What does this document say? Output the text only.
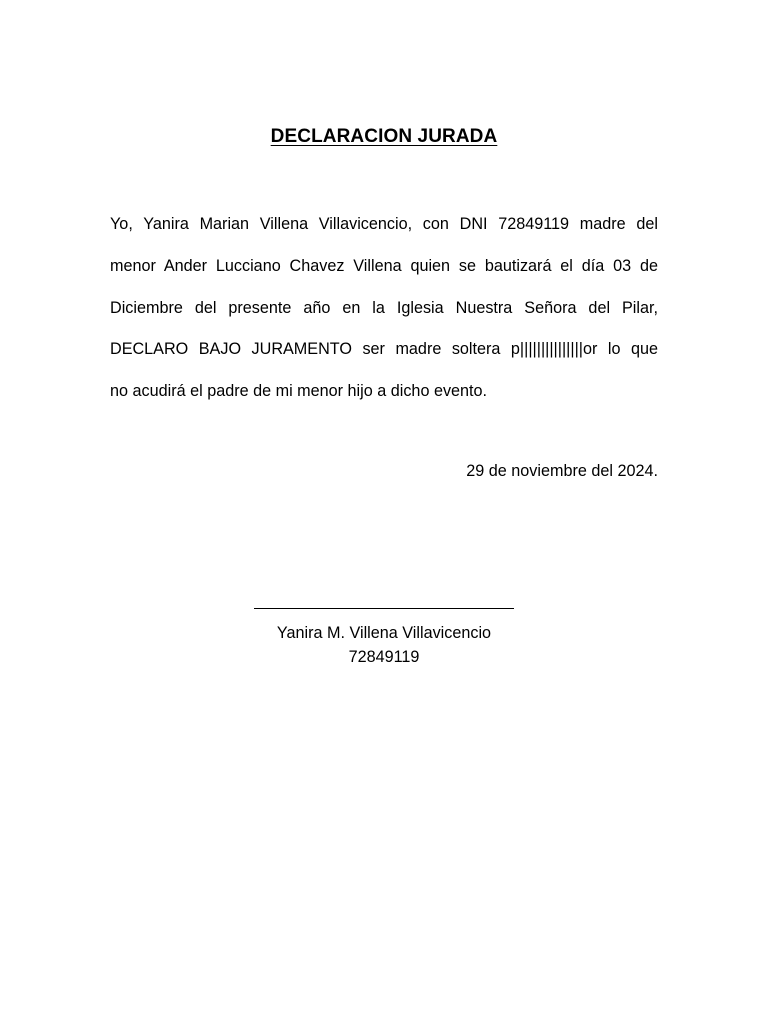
DECLARACION JURADA
Yo, Yanira Marian Villena Villavicencio, con DNI 72849119 madre del
menor Ander Lucciano Chavez Villena quien se bautizará el día 03 de
Diciembre del presente año en la Iglesia Nuestra Señora del Pilar,
DECLARO BAJO JURAMENTO ser madre soltera p|||||||||||||||or lo que
no acudirá el padre de mi menor hijo a dicho evento.
29 de noviembre del 2024.
Yanira M. Villena Villavicencio
72849119
